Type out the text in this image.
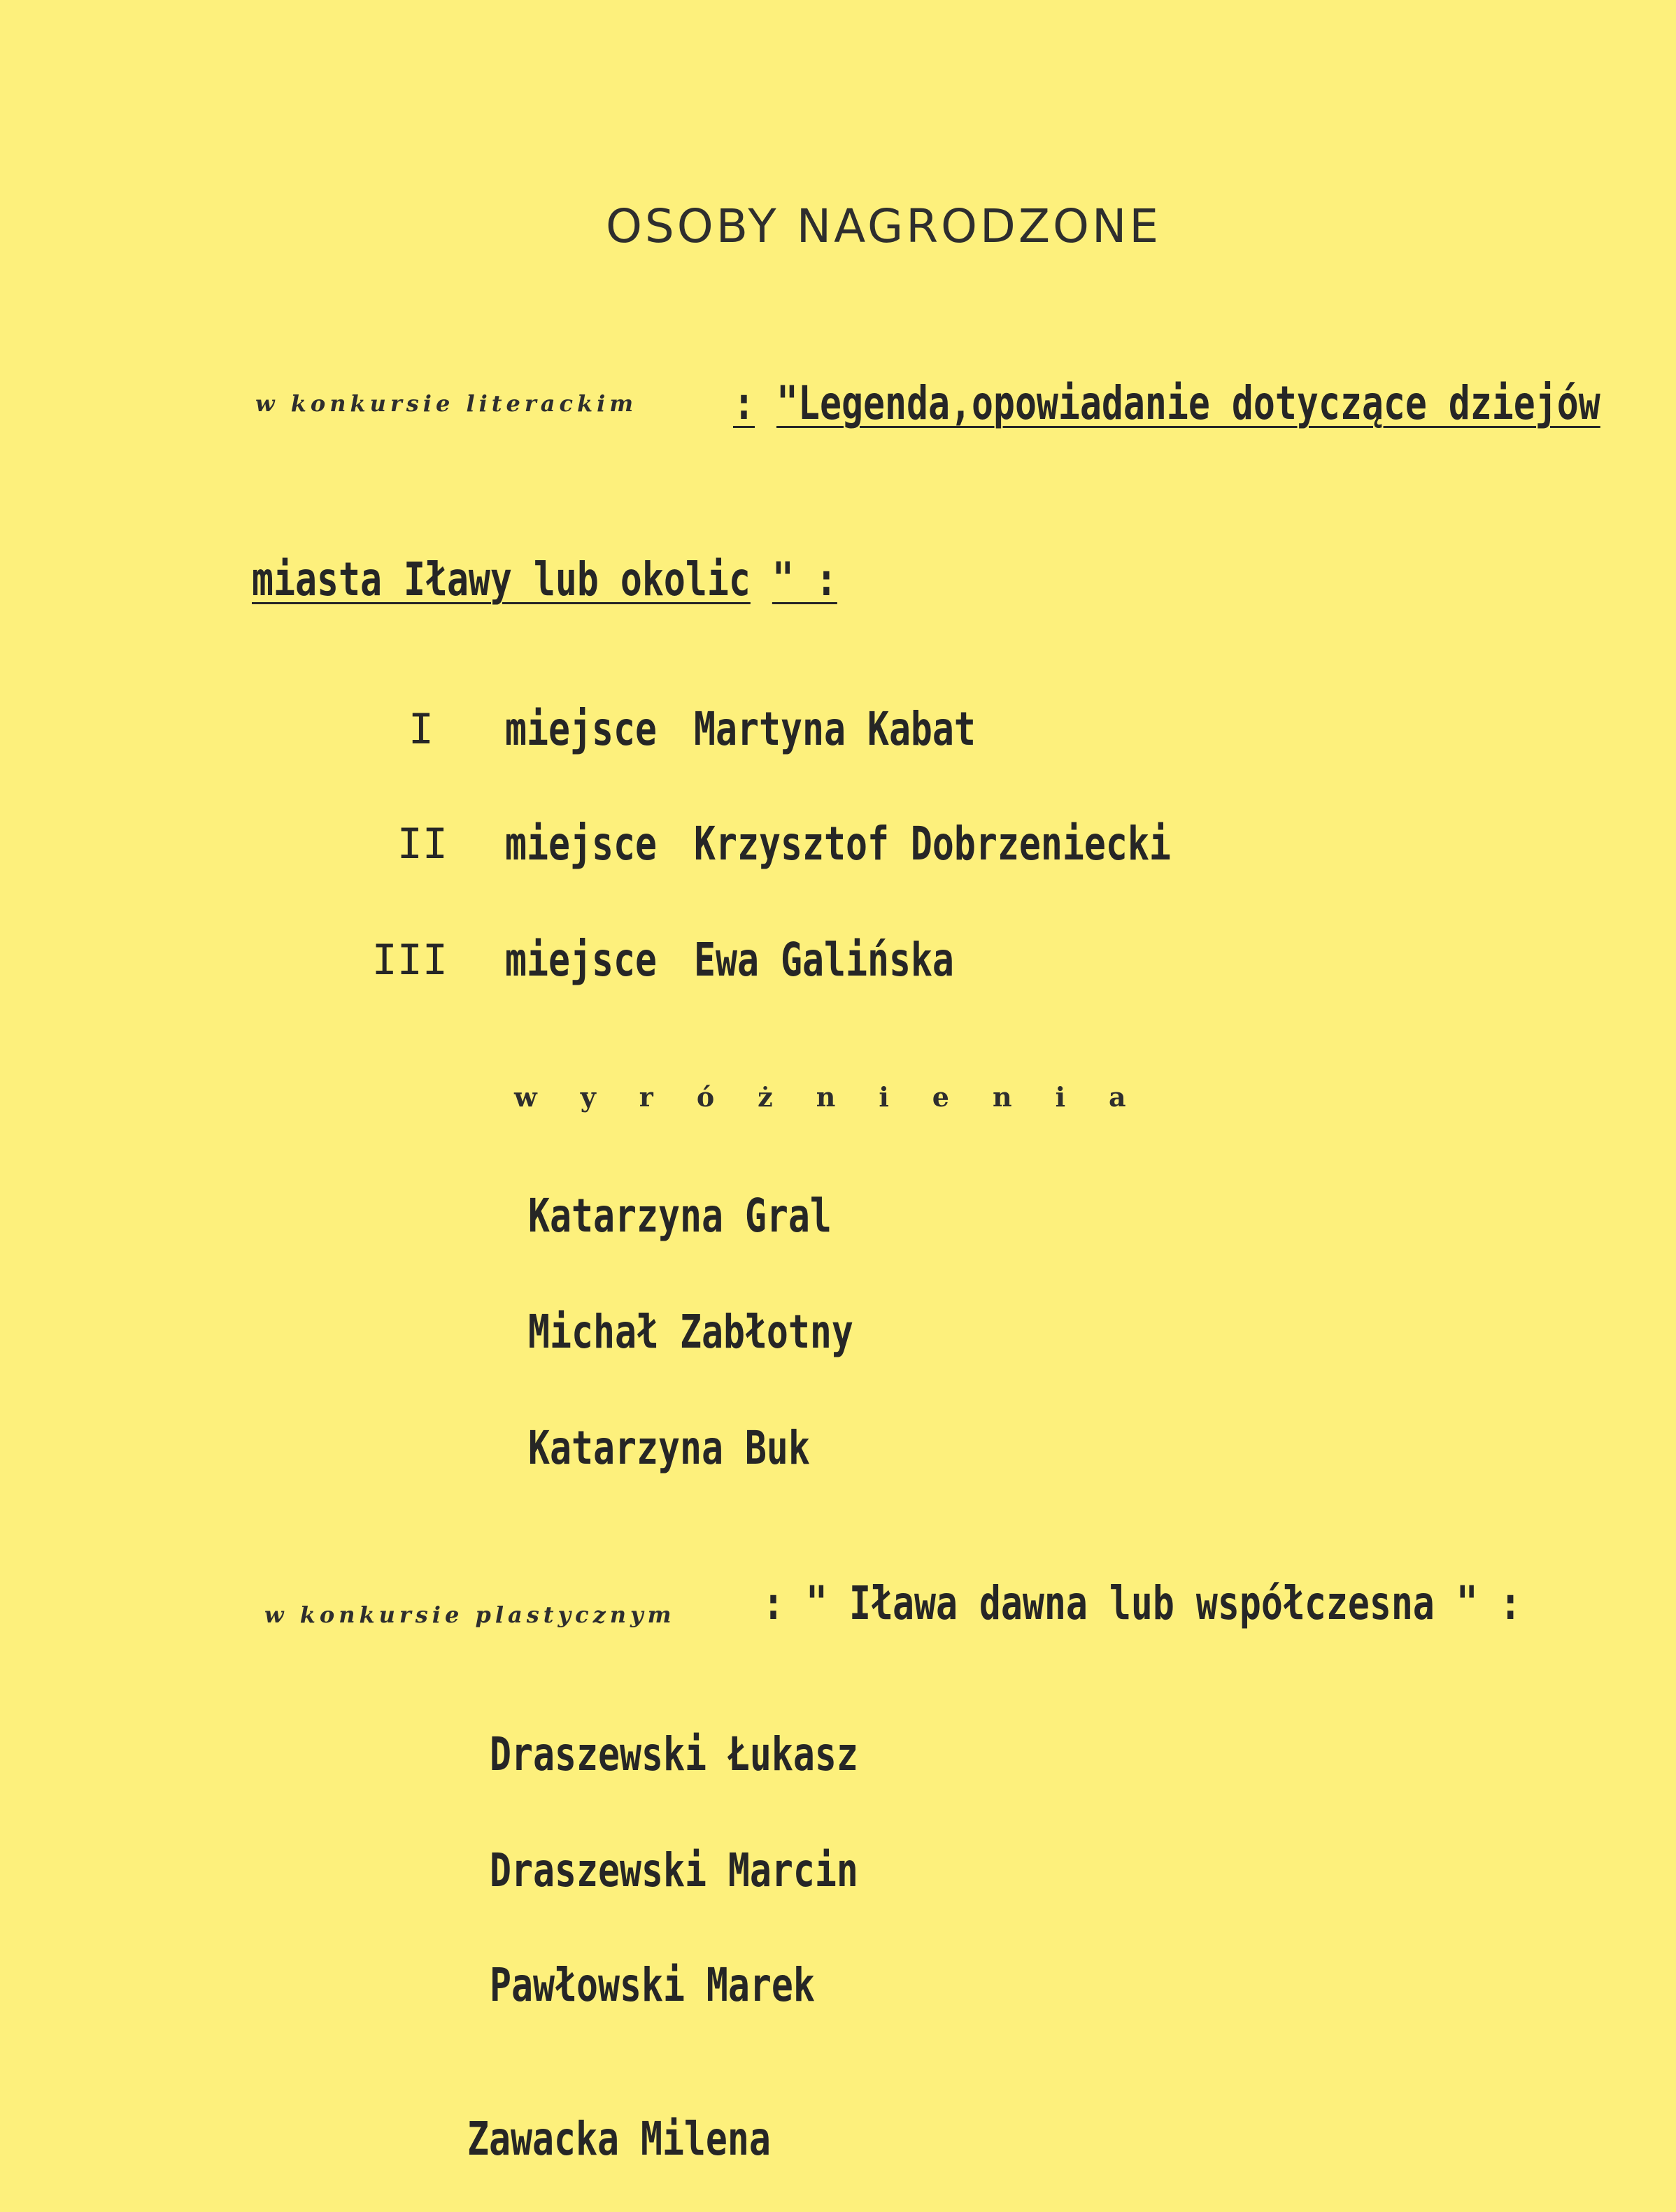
OSOBY NAGRODZONE
w konkursie literackim : "Legenda,opowiadanie dotyczące dziejów
miasta Iławy lub okolic " :
I miejsce Martyna Kabat
II miejsce Krzysztof Dobrzeniecki
III miejsce Ewa Galińska
wyróżnienia
Katarzyna Gral
Michał Zabłotny
Katarzyna Buk
w konkursie plastycznym : " Iława dawna lub współczesna " :
Draszewski Łukasz
Draszewski Marcin
Pawłowski Marek
Zawacka Milena
